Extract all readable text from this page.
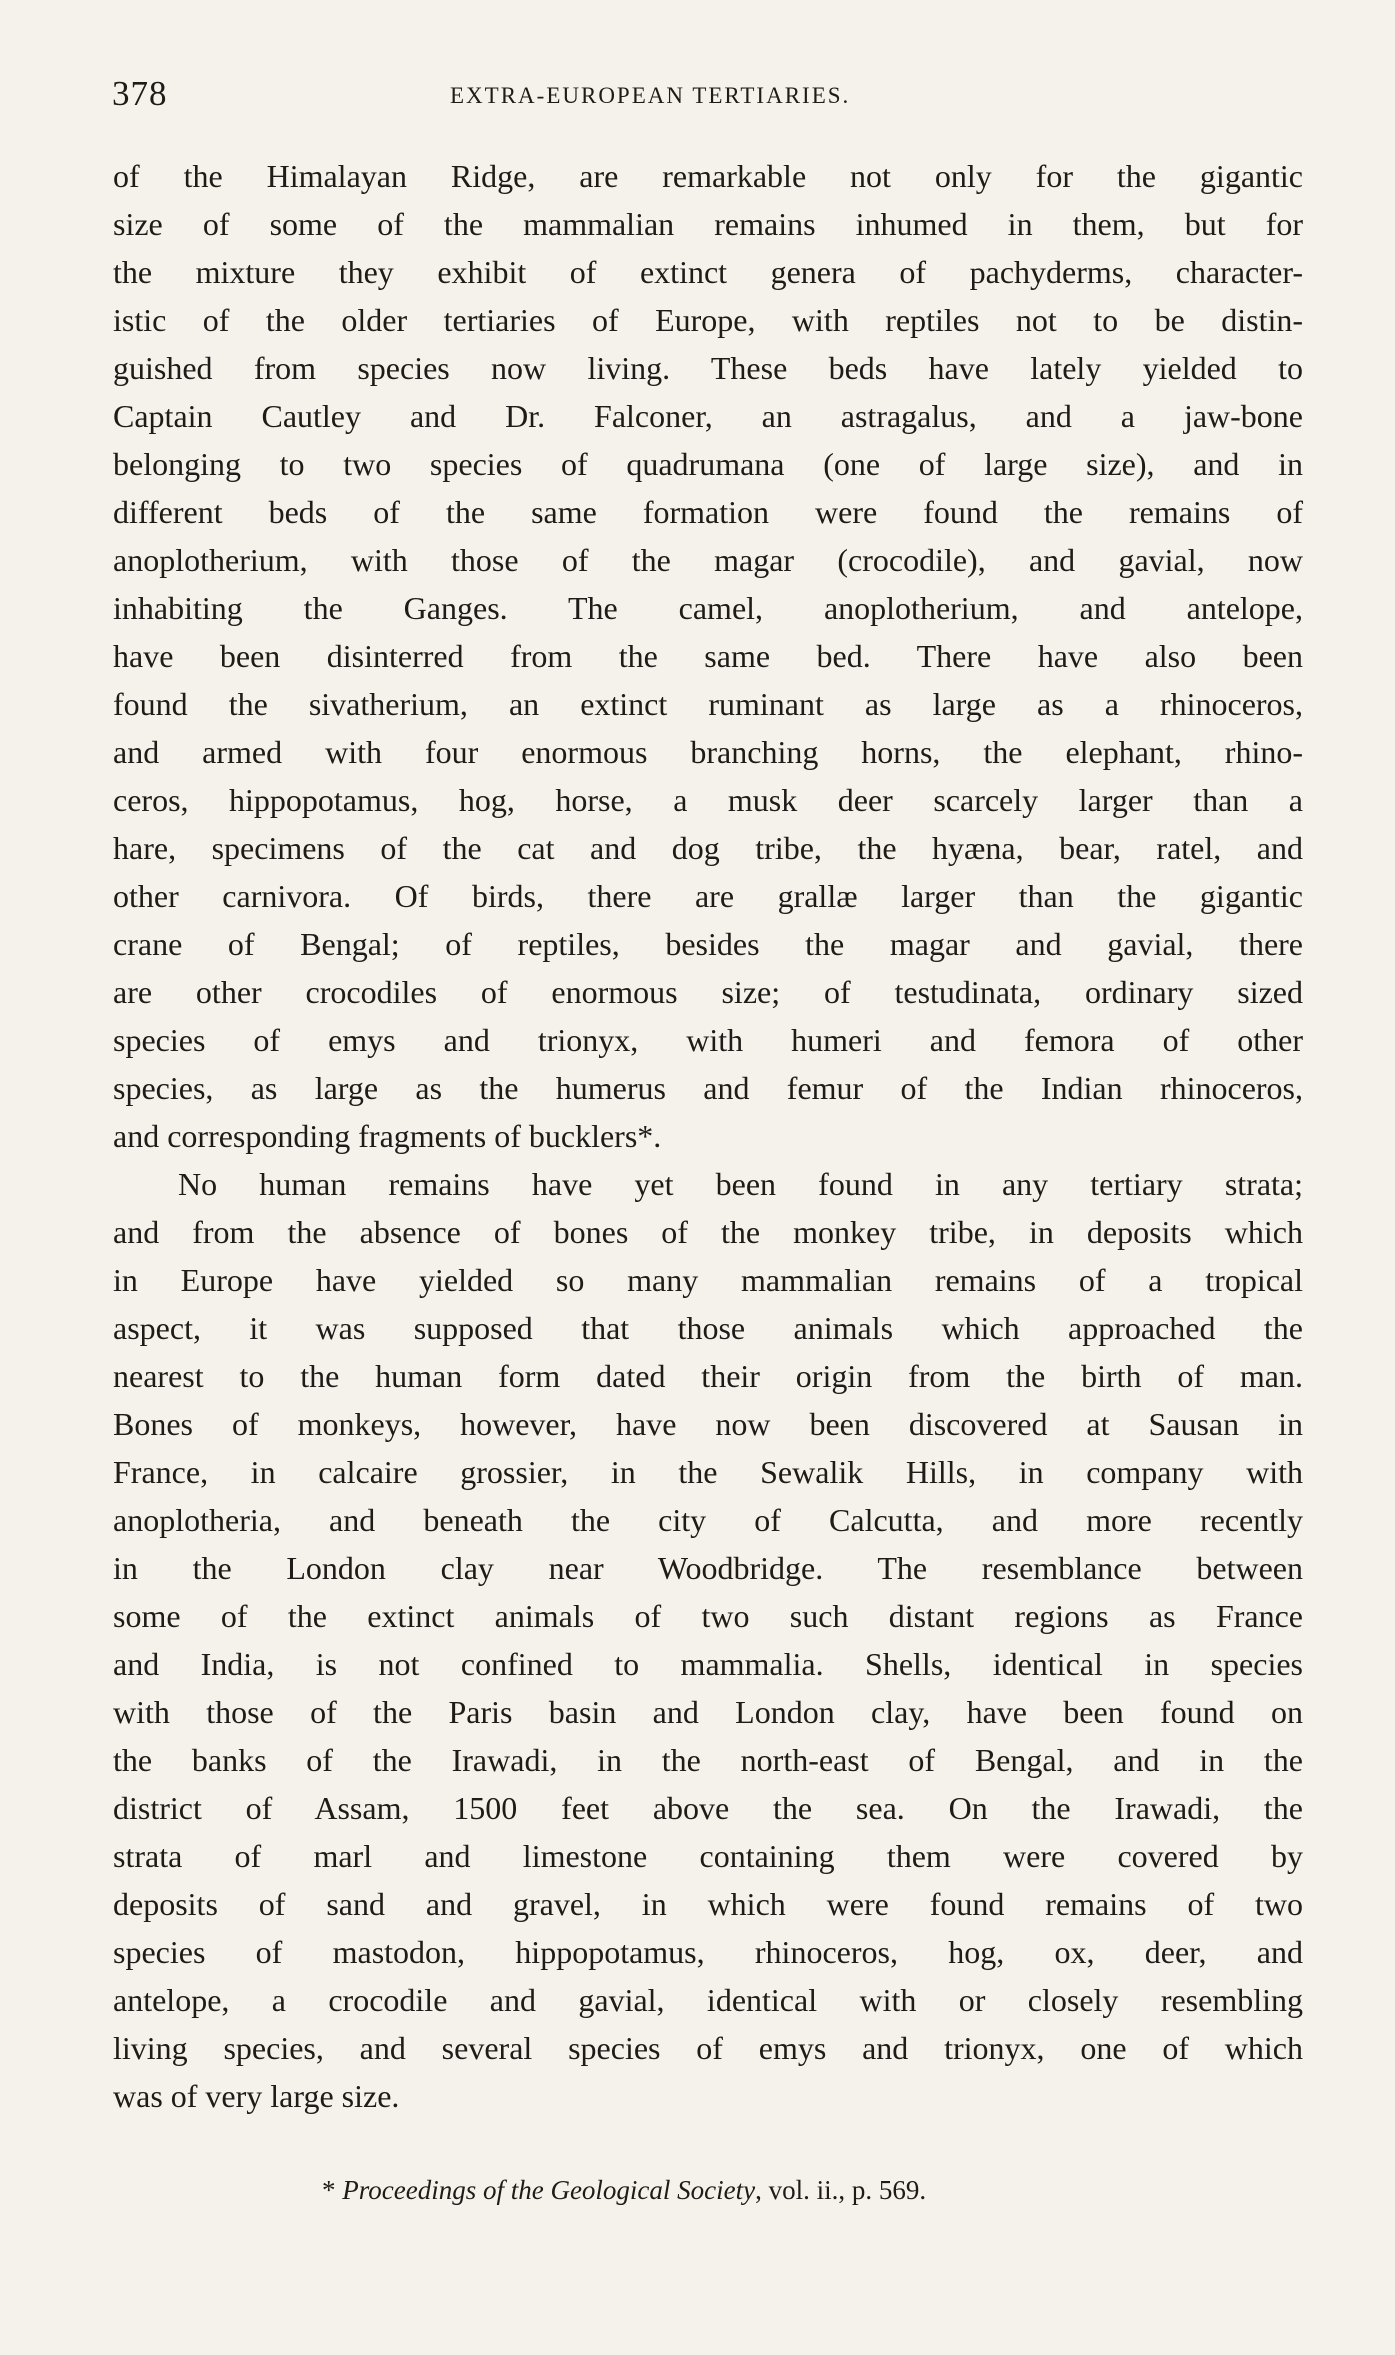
378	EXTRA-EUROPEAN TERTIARIES.
of the Himalayan Ridge, are remarkable not only for the gigantic
size of some of the mammalian remains inhumed in them, but for
the mixture they exhibit of extinct genera of pachyderms, character-
istic of the older tertiaries of Europe, with reptiles not to be distin-
guished from species now living. These beds have lately yielded to
Captain Cautley and Dr. Falconer, an astragalus, and a jaw-bone
belonging to two species of quadrumana (one of large size), and in
different beds of the same formation were found the remains of
anoplotherium, with those of the magar (crocodile), and gavial, now
inhabiting the Ganges. The camel, anoplotherium, and antelope,
have been disinterred from the same bed. There have also been
found the sivatherium, an extinct ruminant as large as a rhinoceros,
and armed with four enormous branching horns, the elephant, rhino-
ceros, hippopotamus, hog, horse, a musk deer scarcely larger than a
hare, specimens of the cat and dog tribe, the hyæna, bear, ratel, and
other carnivora. Of birds, there are grallæ larger than the gigantic
crane of Bengal; of reptiles, besides the magar and gavial, there
are other crocodiles of enormous size; of testudinata, ordinary sized
species of emys and trionyx, with humeri and femora of other
species, as large as the humerus and femur of the Indian rhinoceros,
and corresponding fragments of bucklers*.
No human remains have yet been found in any tertiary strata;
and from the absence of bones of the monkey tribe, in deposits which
in Europe have yielded so many mammalian remains of a tropical
aspect, it was supposed that those animals which approached the
nearest to the human form dated their origin from the birth of man.
Bones of monkeys, however, have now been discovered at Sausan in
France, in calcaire grossier, in the Sewalik Hills, in company with
anoplotheria, and beneath the city of Calcutta, and more recently
in the London clay near Woodbridge. The resemblance between
some of the extinct animals of two such distant regions as France
and India, is not confined to mammalia. Shells, identical in species
with those of the Paris basin and London clay, have been found on
the banks of the Irawadi, in the north-east of Bengal, and in the
district of Assam, 1500 feet above the sea. On the Irawadi, the
strata of marl and limestone containing them were covered by
deposits of sand and gravel, in which were found remains of two
species of mastodon, hippopotamus, rhinoceros, hog, ox, deer, and
antelope, a crocodile and gavial, identical with or closely resembling
living species, and several species of emys and trionyx, one of which
was of very large size.
* Proceedings of the Geological Society, vol. ii., p. 569.
